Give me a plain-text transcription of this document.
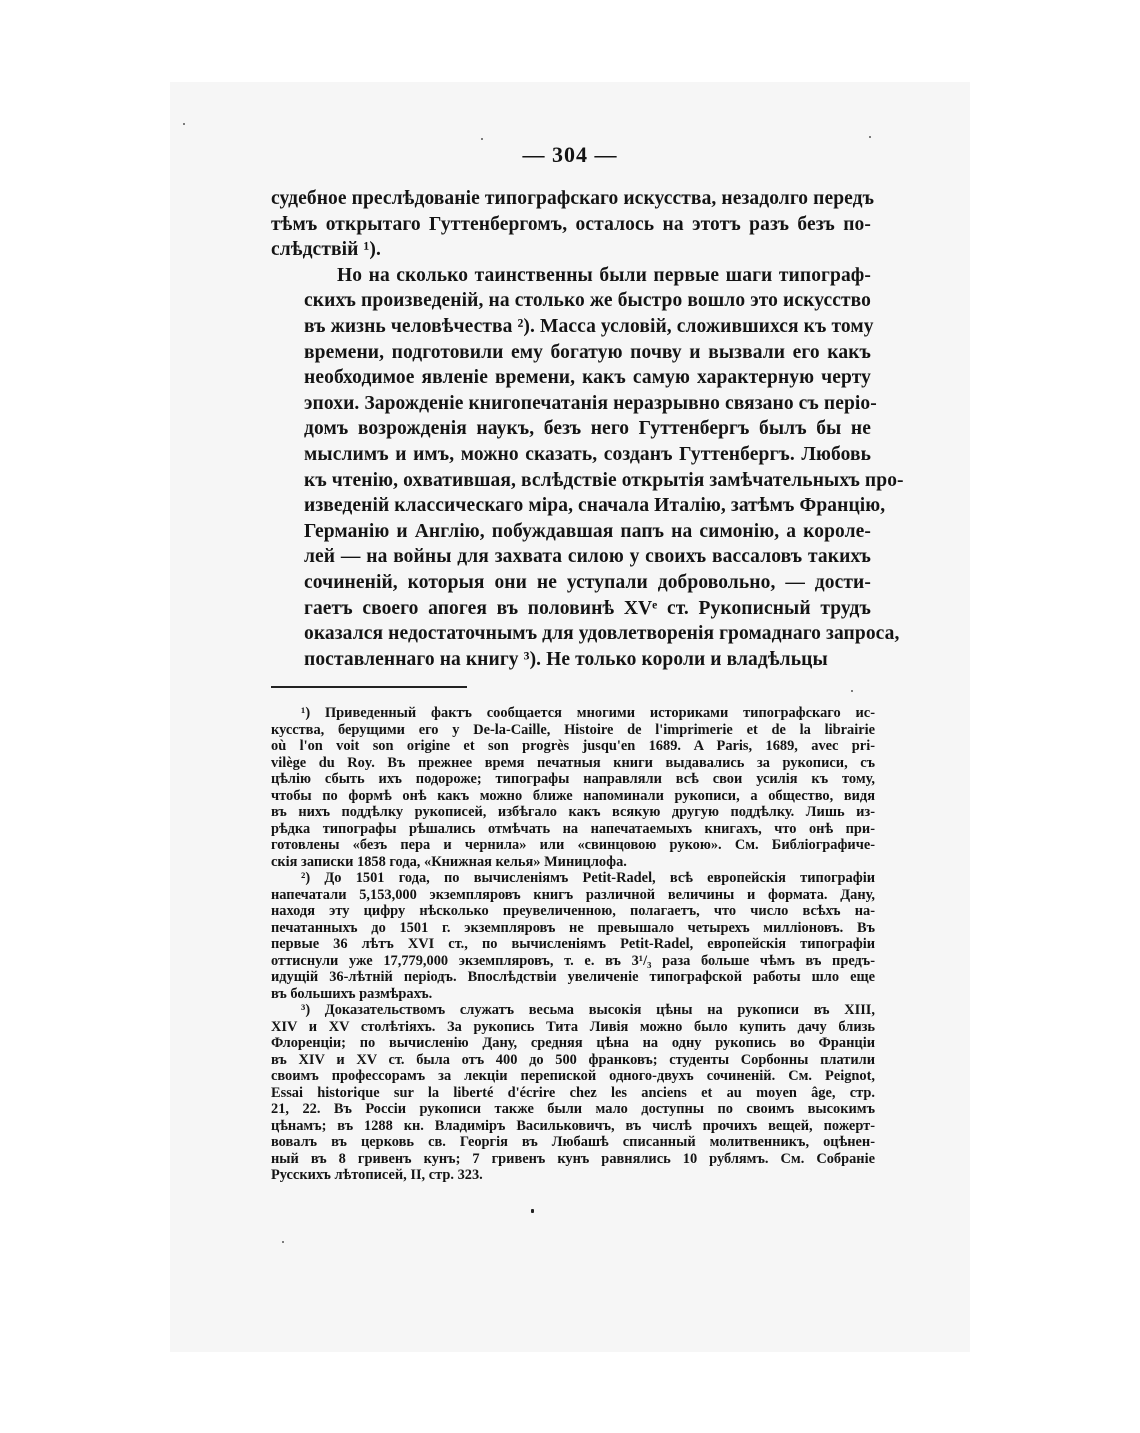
— 304 —

судебное преслѣдованіе типографскаго искусства, незадолго передъ
тѣмъ открытаго Гуттенбергомъ, осталось на этотъ разъ безъ по-
слѣдствій ¹).

Но на сколько таинственны были первые шаги типограф-
скихъ произведеній, на столько же быстро вошло это искусство
въ жизнь человѣчества ²). Масса условій, сложившихся къ тому
времени, подготовили ему богатую почву и вызвали его какъ
необходимое явленіе времени, какъ самую характерную черту
эпохи. Зарожденіе книгопечатанія неразрывно связано съ періо-
домъ возрожденія наукъ, безъ него Гуттенбергъ былъ бы не
мыслимъ и имъ, можно сказать, созданъ Гуттенбергъ. Любовь
къ чтенію, охватившая, вслѣдствіе открытія замѣчательныхъ про-
изведеній классическаго міра, сначала Италію, затѣмъ Францію,
Германію и Англію, побуждавшая папъ на симонію, а короле-
лей — на войны для захвата силою у своихъ вассаловъ такихъ
сочиненій, которыя они не уступали добровольно, — дости-
гаетъ своего апогея въ половинѣ XVᵉ ст. Рукописный трудъ
оказался недостаточнымъ для удовлетворенія громаднаго запроса,
поставленнаго на книгу ³). Не только короли и владѣльцы

¹) Приведенный фактъ сообщается многими историками типографскаго ис-
кусства, берущими его у De-la-Caille, Histoire de l'imprimerie et de la librairie
où l'on voit son origine et son progrès jusqu'en 1689. A Paris, 1689, avec pri-
vilège du Roy. Въ прежнее время печатныя книги выдавались за рукописи, съ
цѣлію сбыть ихъ подороже; типографы направляли всѣ свои усилія къ тому,
чтобы по формѣ онѣ какъ можно ближе напоминали рукописи, а общество, видя
въ нихъ поддѣлку рукописей, избѣгало какъ всякую другую поддѣлку. Лишь из-
рѣдка типографы рѣшались отмѣчать на напечатаемыхъ книгахъ, что онѣ при-
готовлены «безъ пера и чернила» или «свинцовою рукою». См. Библіографиче-
скія записки 1858 года, «Книжная келья» Миницлофа.
²) До 1501 года, по вычисленіямъ Petit-Radel, всѣ европейскія типографіи
напечатали 5,153,000 экземпляровъ книгъ различной величины и формата. Дану,
находя эту цифру нѣсколько преувеличенною, полагаетъ, что число всѣхъ на-
печатанныхъ до 1501 г. экземпляровъ не превышало четырехъ милліоновъ. Въ
первые 36 лѣтъ XVI ст., по вычисленіямъ Petit-Radel, европейскія типографіи
оттиснули уже 17,779,000 экземпляровъ, т. е. въ 3¹/₃ раза больше чѣмъ въ предъ-
идущій 36-лѣтній періодъ. Впослѣдствіи увеличеніе типографской работы шло еще
въ большихъ размѣрахъ.
³) Доказательствомъ служатъ весьма высокія цѣны на рукописи въ XIII,
XIV и XV столѣтіяхъ. За рукопись Тита Ливія можно было купить дачу близь
Флоренціи; по вычисленію Дану, средняя цѣна на одну рукопись во Франціи
въ XIV и XV ст. была отъ 400 до 500 франковъ; студенты Сорбонны платили
своимъ профессорамъ за лекціи перепиской одного-двухъ сочиненій. См. Peignot,
Essai historique sur la liberté d'écrire chez les anciens et au moyen âge, стр.
21, 22. Въ Россіи рукописи также были мало доступны по своимъ высокимъ
цѣнамъ; въ 1288 кн. Владиміръ Васильковичъ, въ числѣ прочихъ вещей, пожерт-
вовалъ въ церковь св. Георгія въ Любашѣ списанный молитвенникъ, оцѣнен-
ный въ 8 гривенъ кунъ; 7 гривенъ кунъ равнялись 10 рублямъ. См. Собраніе
Русскихъ лѣтописей, II, стр. 323.
